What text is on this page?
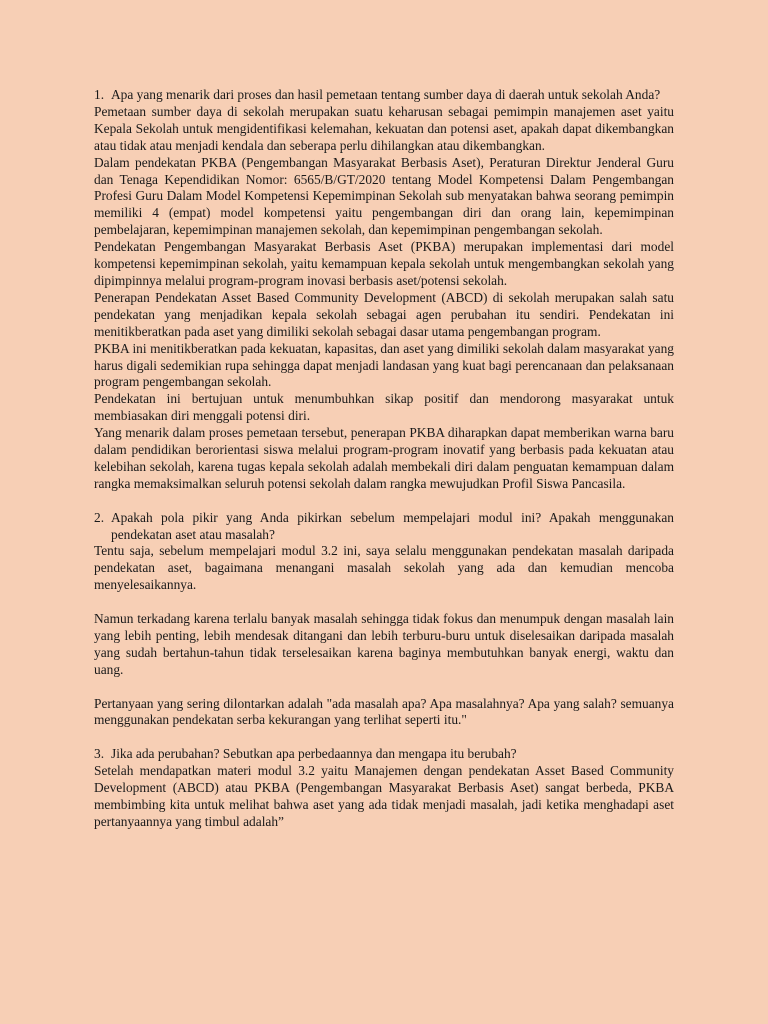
1. Apa yang menarik dari proses dan hasil pemetaan tentang sumber daya di daerah untuk sekolah Anda?

Pemetaan sumber daya di sekolah merupakan suatu keharusan sebagai pemimpin manajemen aset yaitu Kepala Sekolah untuk mengidentifikasi kelemahan, kekuatan dan potensi aset, apakah dapat dikembangkan atau tidak atau menjadi kendala dan seberapa perlu dihilangkan atau dikembangkan.

Dalam pendekatan PKBA (Pengembangan Masyarakat Berbasis Aset), Peraturan Direktur Jenderal Guru dan Tenaga Kependidikan Nomor: 6565/B/GT/2020 tentang Model Kompetensi Dalam Pengembangan Profesi Guru Dalam Model Kompetensi Kepemimpinan Sekolah sub menyatakan bahwa seorang pemimpin memiliki 4 (empat) model kompetensi yaitu pengembangan diri dan orang lain, kepemimpinan pembelajaran, kepemimpinan manajemen sekolah, dan kepemimpinan pengembangan sekolah.

Pendekatan Pengembangan Masyarakat Berbasis Aset (PKBA) merupakan implementasi dari model kompetensi kepemimpinan sekolah, yaitu kemampuan kepala sekolah untuk mengembangkan sekolah yang dipimpinnya melalui program-program inovasi berbasis aset/potensi sekolah.

Penerapan Pendekatan Asset Based Community Development (ABCD) di sekolah merupakan salah satu pendekatan yang menjadikan kepala sekolah sebagai agen perubahan itu sendiri. Pendekatan ini menitikberatkan pada aset yang dimiliki sekolah sebagai dasar utama pengembangan program.

PKBA ini menitikberatkan pada kekuatan, kapasitas, dan aset yang dimiliki sekolah dalam masyarakat yang harus digali sedemikian rupa sehingga dapat menjadi landasan yang kuat bagi perencanaan dan pelaksanaan program pengembangan sekolah.

Pendekatan ini bertujuan untuk menumbuhkan sikap positif dan mendorong masyarakat untuk membiasakan diri menggali potensi diri.

Yang menarik dalam proses pemetaan tersebut, penerapan PKBA diharapkan dapat memberikan warna baru dalam pendidikan berorientasi siswa melalui program-program inovatif yang berbasis pada kekuatan atau kelebihan sekolah, karena tugas kepala sekolah adalah membekali diri dalam penguatan kemampuan dalam rangka memaksimalkan seluruh potensi sekolah dalam rangka mewujudkan Profil Siswa Pancasila.

2. Apakah pola pikir yang Anda pikirkan sebelum mempelajari modul ini? Apakah menggunakan pendekatan aset atau masalah?

Tentu saja, sebelum mempelajari modul 3.2 ini, saya selalu menggunakan pendekatan masalah daripada pendekatan aset, bagaimana menangani masalah sekolah yang ada dan kemudian mencoba menyelesaikannya.

Namun terkadang karena terlalu banyak masalah sehingga tidak fokus dan menumpuk dengan masalah lain yang lebih penting, lebih mendesak ditangani dan lebih terburu-buru untuk diselesaikan daripada masalah yang sudah bertahun-tahun tidak terselesaikan karena baginya membutuhkan banyak energi, waktu dan uang.

Pertanyaan yang sering dilontarkan adalah "ada masalah apa? Apa masalahnya? Apa yang salah? semuanya menggunakan pendekatan serba kekurangan yang terlihat seperti itu."

3. Jika ada perubahan? Sebutkan apa perbedaannya dan mengapa itu berubah?

Setelah mendapatkan materi modul 3.2 yaitu Manajemen dengan pendekatan Asset Based Community Development (ABCD) atau PKBA (Pengembangan Masyarakat Berbasis Aset) sangat berbeda, PKBA membimbing kita untuk melihat bahwa aset yang ada tidak menjadi masalah, jadi ketika menghadapi aset pertanyaannya yang timbul adalah”
